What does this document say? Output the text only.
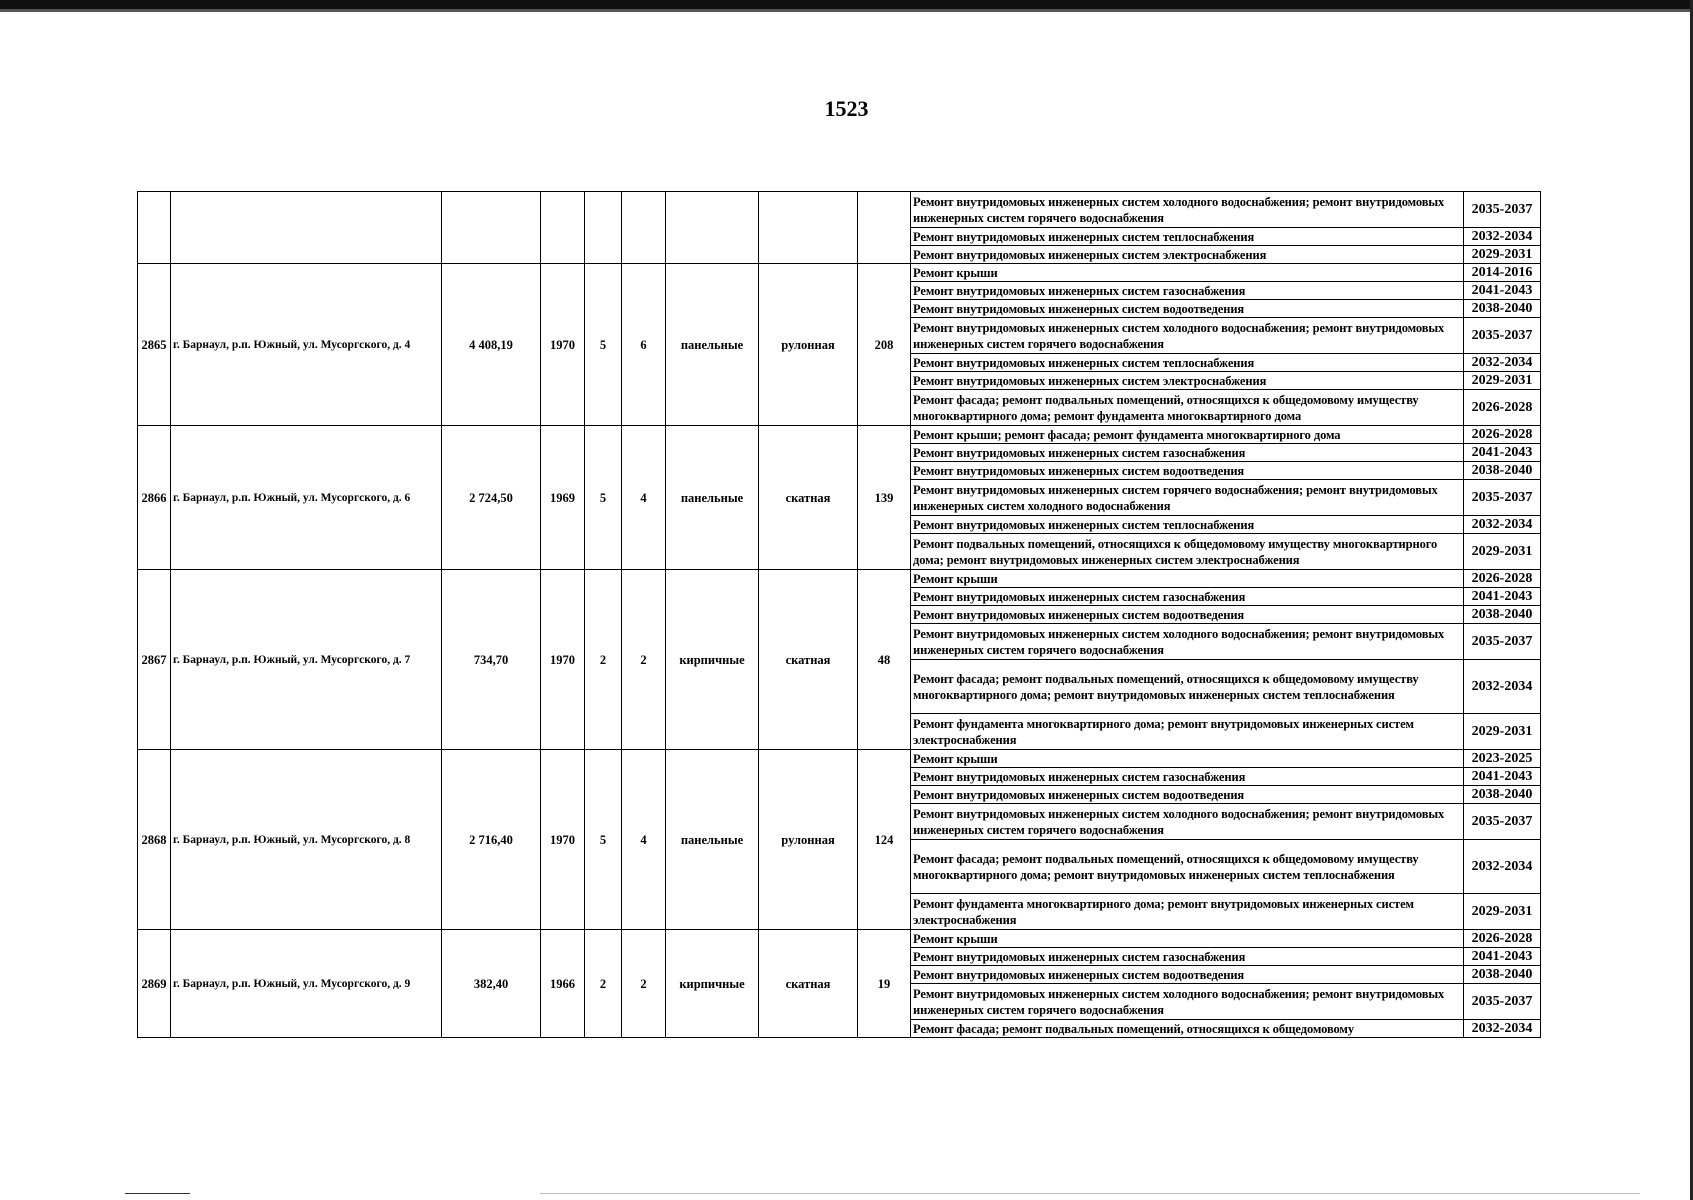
1523
									Ремонт внутридомовых инженерных систем холодного водоснабжения; ремонт внутридомовых инженерных систем горячего водоснабжения	2035-2037
									Ремонт внутридомовых инженерных систем теплоснабжения	2032-2034
									Ремонт внутридомовых инженерных систем электроснабжения	2029-2031
2865	г. Барнаул, р.п. Южный, ул. Мусоргского, д. 4	4 408,19	1970	5	6	панельные	рулонная	208	Ремонт крыши	2014-2016
									Ремонт внутридомовых инженерных систем газоснабжения	2041-2043
									Ремонт внутридомовых инженерных систем водоотведения	2038-2040
									Ремонт внутридомовых инженерных систем холодного водоснабжения; ремонт внутридомовых инженерных систем горячего водоснабжения	2035-2037
									Ремонт внутридомовых инженерных систем теплоснабжения	2032-2034
									Ремонт внутридомовых инженерных систем электроснабжения	2029-2031
									Ремонт фасада; ремонт подвальных помещений, относящихся к общедомовому имуществу многоквартирного дома; ремонт фундамента многоквартирного дома	2026-2028
2866	г. Барнаул, р.п. Южный, ул. Мусоргского, д. 6	2 724,50	1969	5	4	панельные	скатная	139	Ремонт крыши; ремонт фасада; ремонт фундамента многоквартирного дома	2026-2028
									Ремонт внутридомовых инженерных систем газоснабжения	2041-2043
									Ремонт внутридомовых инженерных систем водоотведения	2038-2040
									Ремонт внутридомовых инженерных систем горячего водоснабжения; ремонт внутридомовых инженерных систем холодного водоснабжения	2035-2037
									Ремонт внутридомовых инженерных систем теплоснабжения	2032-2034
									Ремонт подвальных помещений, относящихся к общедомовому имуществу многоквартирного дома; ремонт внутридомовых инженерных систем электроснабжения	2029-2031
2867	г. Барнаул, р.п. Южный, ул. Мусоргского, д. 7	734,70	1970	2	2	кирпичные	скатная	48	Ремонт крыши	2026-2028
									Ремонт внутридомовых инженерных систем газоснабжения	2041-2043
									Ремонт внутридомовых инженерных систем водоотведения	2038-2040
									Ремонт внутридомовых инженерных систем холодного водоснабжения; ремонт внутридомовых инженерных систем горячего водоснабжения	2035-2037
									Ремонт фасада; ремонт подвальных помещений, относящихся к общедомовому имуществу многоквартирного дома; ремонт внутридомовых инженерных систем теплоснабжения	2032-2034
									Ремонт фундамента многоквартирного дома; ремонт внутридомовых инженерных систем электроснабжения	2029-2031
2868	г. Барнаул, р.п. Южный, ул. Мусоргского, д. 8	2 716,40	1970	5	4	панельные	рулонная	124	Ремонт крыши	2023-2025
									Ремонт внутридомовых инженерных систем газоснабжения	2041-2043
									Ремонт внутридомовых инженерных систем водоотведения	2038-2040
									Ремонт внутридомовых инженерных систем холодного водоснабжения; ремонт внутридомовых инженерных систем горячего водоснабжения	2035-2037
									Ремонт фасада; ремонт подвальных помещений, относящихся к общедомовому имуществу многоквартирного дома; ремонт внутридомовых инженерных систем теплоснабжения	2032-2034
									Ремонт фундамента многоквартирного дома; ремонт внутридомовых инженерных систем электроснабжения	2029-2031
2869	г. Барнаул, р.п. Южный, ул. Мусоргского, д. 9	382,40	1966	2	2	кирпичные	скатная	19	Ремонт крыши	2026-2028
									Ремонт внутридомовых инженерных систем газоснабжения	2041-2043
									Ремонт внутридомовых инженерных систем водоотведения	2038-2040
									Ремонт внутридомовых инженерных систем холодного водоснабжения; ремонт внутридомовых инженерных систем горячего водоснабжения	2035-2037
									Ремонт фасада; ремонт подвальных помещений, относящихся к общедомовому	2032-2034
